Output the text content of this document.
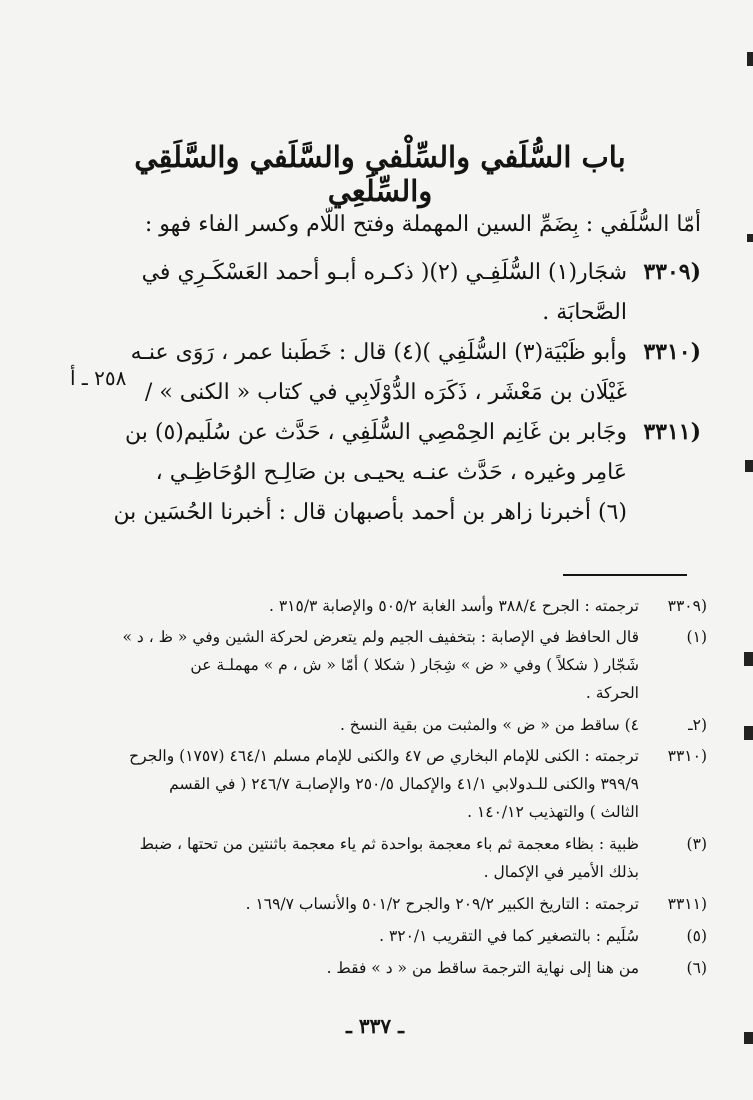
باب السُّلَفي والسِّلْفي والسَّلَفي والسَّلَقِي والسِّلَعِي
أمّا السُّلَفي : بِضَمِّ السين المهملة وفتح اللّام وكسر الفاء فهو :
(٣٣٠٩شجَار(١) السُّلَفِـي (٢)( ذكـره أبـو أحمد العَسْكَـرِي في
الصَّحابَة .
(٣٣١٠وأبو ظَبْيَة(٣) السُّلَفِي )(٤) قال : خَطَبنا عمر ، رَوَى عنـه
غَيْلَان بن مَعْشَر ، ذَكَرَه الدُّوْلَابِي في كتاب « الكنى » /
٢٥٨ ـ أ
(٣٣١١وجَابر بن غَانِم الحِمْصِي السُّلَفِي ، حَدَّث عن سُلَيم(٥) بن
عَامِر وغيره ، حَدَّث عنـه يحيـى بن صَالِـح الوُحَاظِـي ،
(٦) أخبرنا زاهر بن أحمد بأصبهان قال : أخبرنا الحُسَين بن
(٣٣٠٩ترجمته : الجرح ٣٨٨/٤ وأسد الغابة ٥٠٥/٢ والإصابة ٣١٥/٣ .
(١)قال الحافظ في الإصابة : بتخفيف الجيم ولم يتعرض لحركة الشين وفي « ظ ، د »
شَجّار ( شكلاً ) وفي « ض » شِجَار ( شكلا ) أمّا « ش ، م » مهملـة عن
الحركة .
(٢ـ٤) ساقط من « ض » والمثبت من بقية النسخ .
(٣٣١٠ترجمته : الكنى للإمام البخاري ص ٤٧ والكنى للإمام مسلم ٤٦٤/١ (١٧٥٧) والجرح
٣٩٩/٩ والكنى للـدولابي ٤١/١ والإكمال ٢٥٠/٥ والإصابـة ٢٤٦/٧ ( في القسم
الثالث ) والتهذيب ١٤٠/١٢ .
(٣)ظبية : بظاء معجمة ثم باء معجمة بواحدة ثم ياء معجمة باثنتين من تحتها ، ضبط
بذلك الأمير في الإكمال .
(٣٣١١ترجمته : التاريخ الكبير ٢٠٩/٢ والجرح ٥٠١/٢ والأنساب ١٦٩/٧ .
(٥)سُلَيم : بالتصغير كما في التقريب ٣٢٠/١ .
(٦)من هنا إلى نهاية الترجمة ساقط من « د » فقط .
ـ ٣٣٧ ـ
